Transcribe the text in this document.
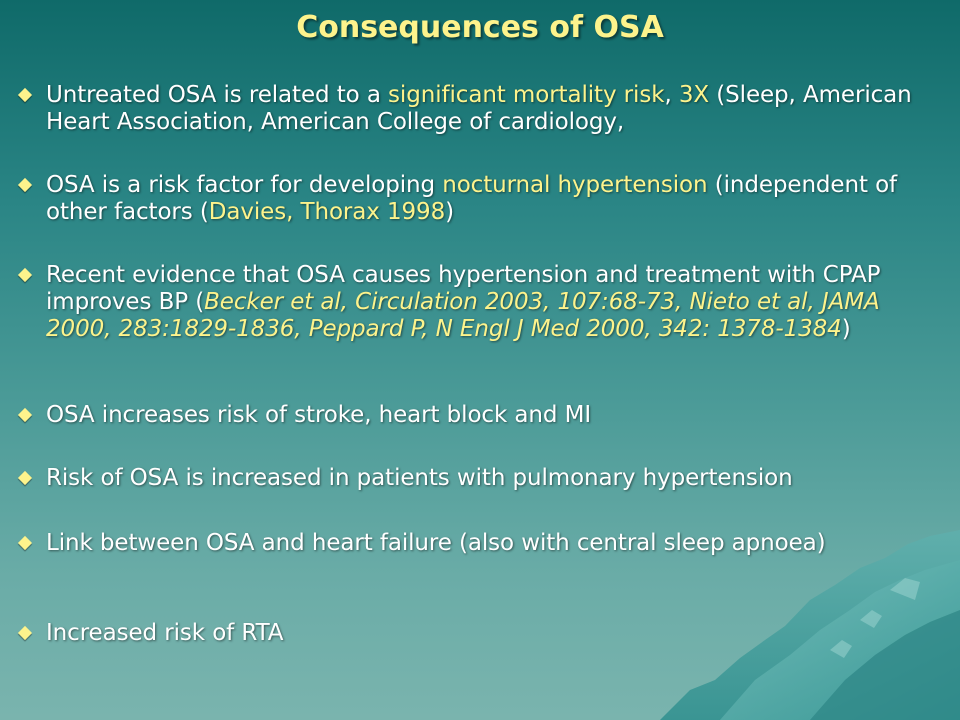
Consequences of OSA
Untreated OSA is related to a significant mortality risk, 3X (Sleep, American Heart Association, American College of cardiology,
OSA is a risk factor for developing nocturnal hypertension (independent of other factors (Davies, Thorax 1998)
Recent evidence that OSA causes hypertension and treatment with CPAP improves BP (Becker et al, Circulation 2003, 107:68-73, Nieto et al, JAMA 2000, 283:1829-1836, Peppard P, N Engl J Med 2000, 342: 1378-1384)
OSA increases risk of stroke, heart block and MI
Risk of OSA is increased in patients with pulmonary hypertension
Link between OSA and heart failure (also with central sleep apnoea)
Increased risk of RTA
